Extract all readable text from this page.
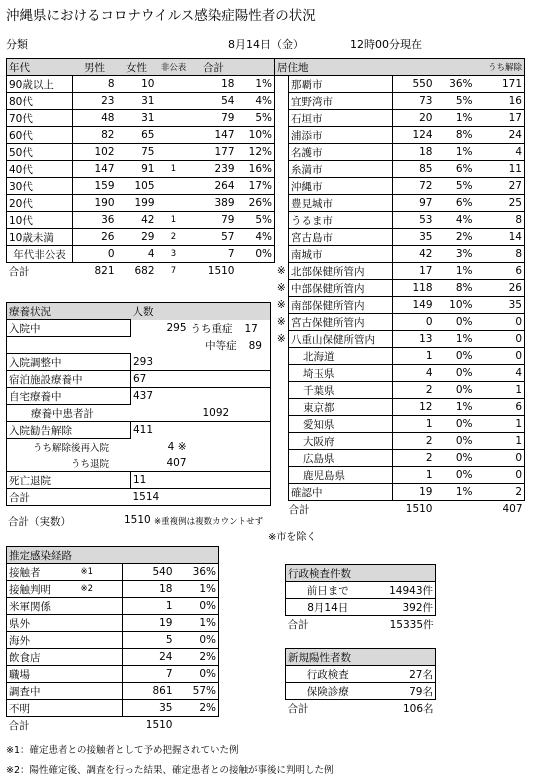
沖縄県におけるコロナウイルス感染症陽性者の状況
分類	8月14日（金）	12時00分現在
年代	男性	女性	非公表	合計	
90歳以上	8	10		18	1%
80代	23	31		54	4%
70代	48	31		79	5%
60代	82	65		147	10%
50代	102	75		177	12%
40代	147	91	1	239	16%
30代	159	105		264	17%
20代	190	199		389	26%
10代	36	42	1	79	5%
10歳未満	26	29	2	57	4%
年代非公表	0	4	3	7	0%
合計	821	682	7	1510	
居住地				うち解除
	那覇市	550	36%	171
	宜野湾市	73	5%	16
	石垣市	20	1%	17
	浦添市	124	8%	24
	名護市	18	1%	4
	糸満市	85	6%	11
	沖縄市	72	5%	27
	豊見城市	97	6%	25
	うるま市	53	4%	8
	宮古島市	35	2%	14
	南城市	42	3%	8
※	北部保健所管内	17	1%	6
※	中部保健所管内	118	8%	26
※	南部保健所管内	149	10%	35
※	宮古保健所管内	0	0%	0
※	八重山保健所管内	13	1%	0
	北海道	1	0%	0
	埼玉県	4	0%	4
	千葉県	2	0%	1
	東京都	12	1%	6
	愛知県	1	0%	1
	大阪府	2	0%	1
	広島県	2	0%	0
	鹿児島県	1	0%	0
	確認中	19	1%	2
合計		1510		407
※市を除く
療養状況	人数	
入院中	295	うち重症 17
		中等症 89
入院調整中	293	
宿泊施設療養中	67	
自宅療養中	437	
療養中患者計		1092
入院勧告解除	411	
うち解除後再入院	4 ※	
うち退院	407	
死亡退院	11	
合計	1514	
合計（実数）	1510 ※重複例は複数カウントせず
推定感染経路			
接触者	※1	540	36%
接触判明	※2	18	1%
米軍関係		1	0%
県外		19	1%
海外		5	0%
飲食店		24	2%
職場		7	0%
調査中		861	57%
不明		35	2%
合計		1510	
行政検査件数	
前日まで	14943件
8月14日	392件
合計	15335件
新規陽性者数	
行政検査	27名
保険診療	79名
合計	106名
※1：確定患者との接触者として予め把握されていた例
※2：陽性確定後、調査を行った結果、確定患者との接触が事後に判明した例
